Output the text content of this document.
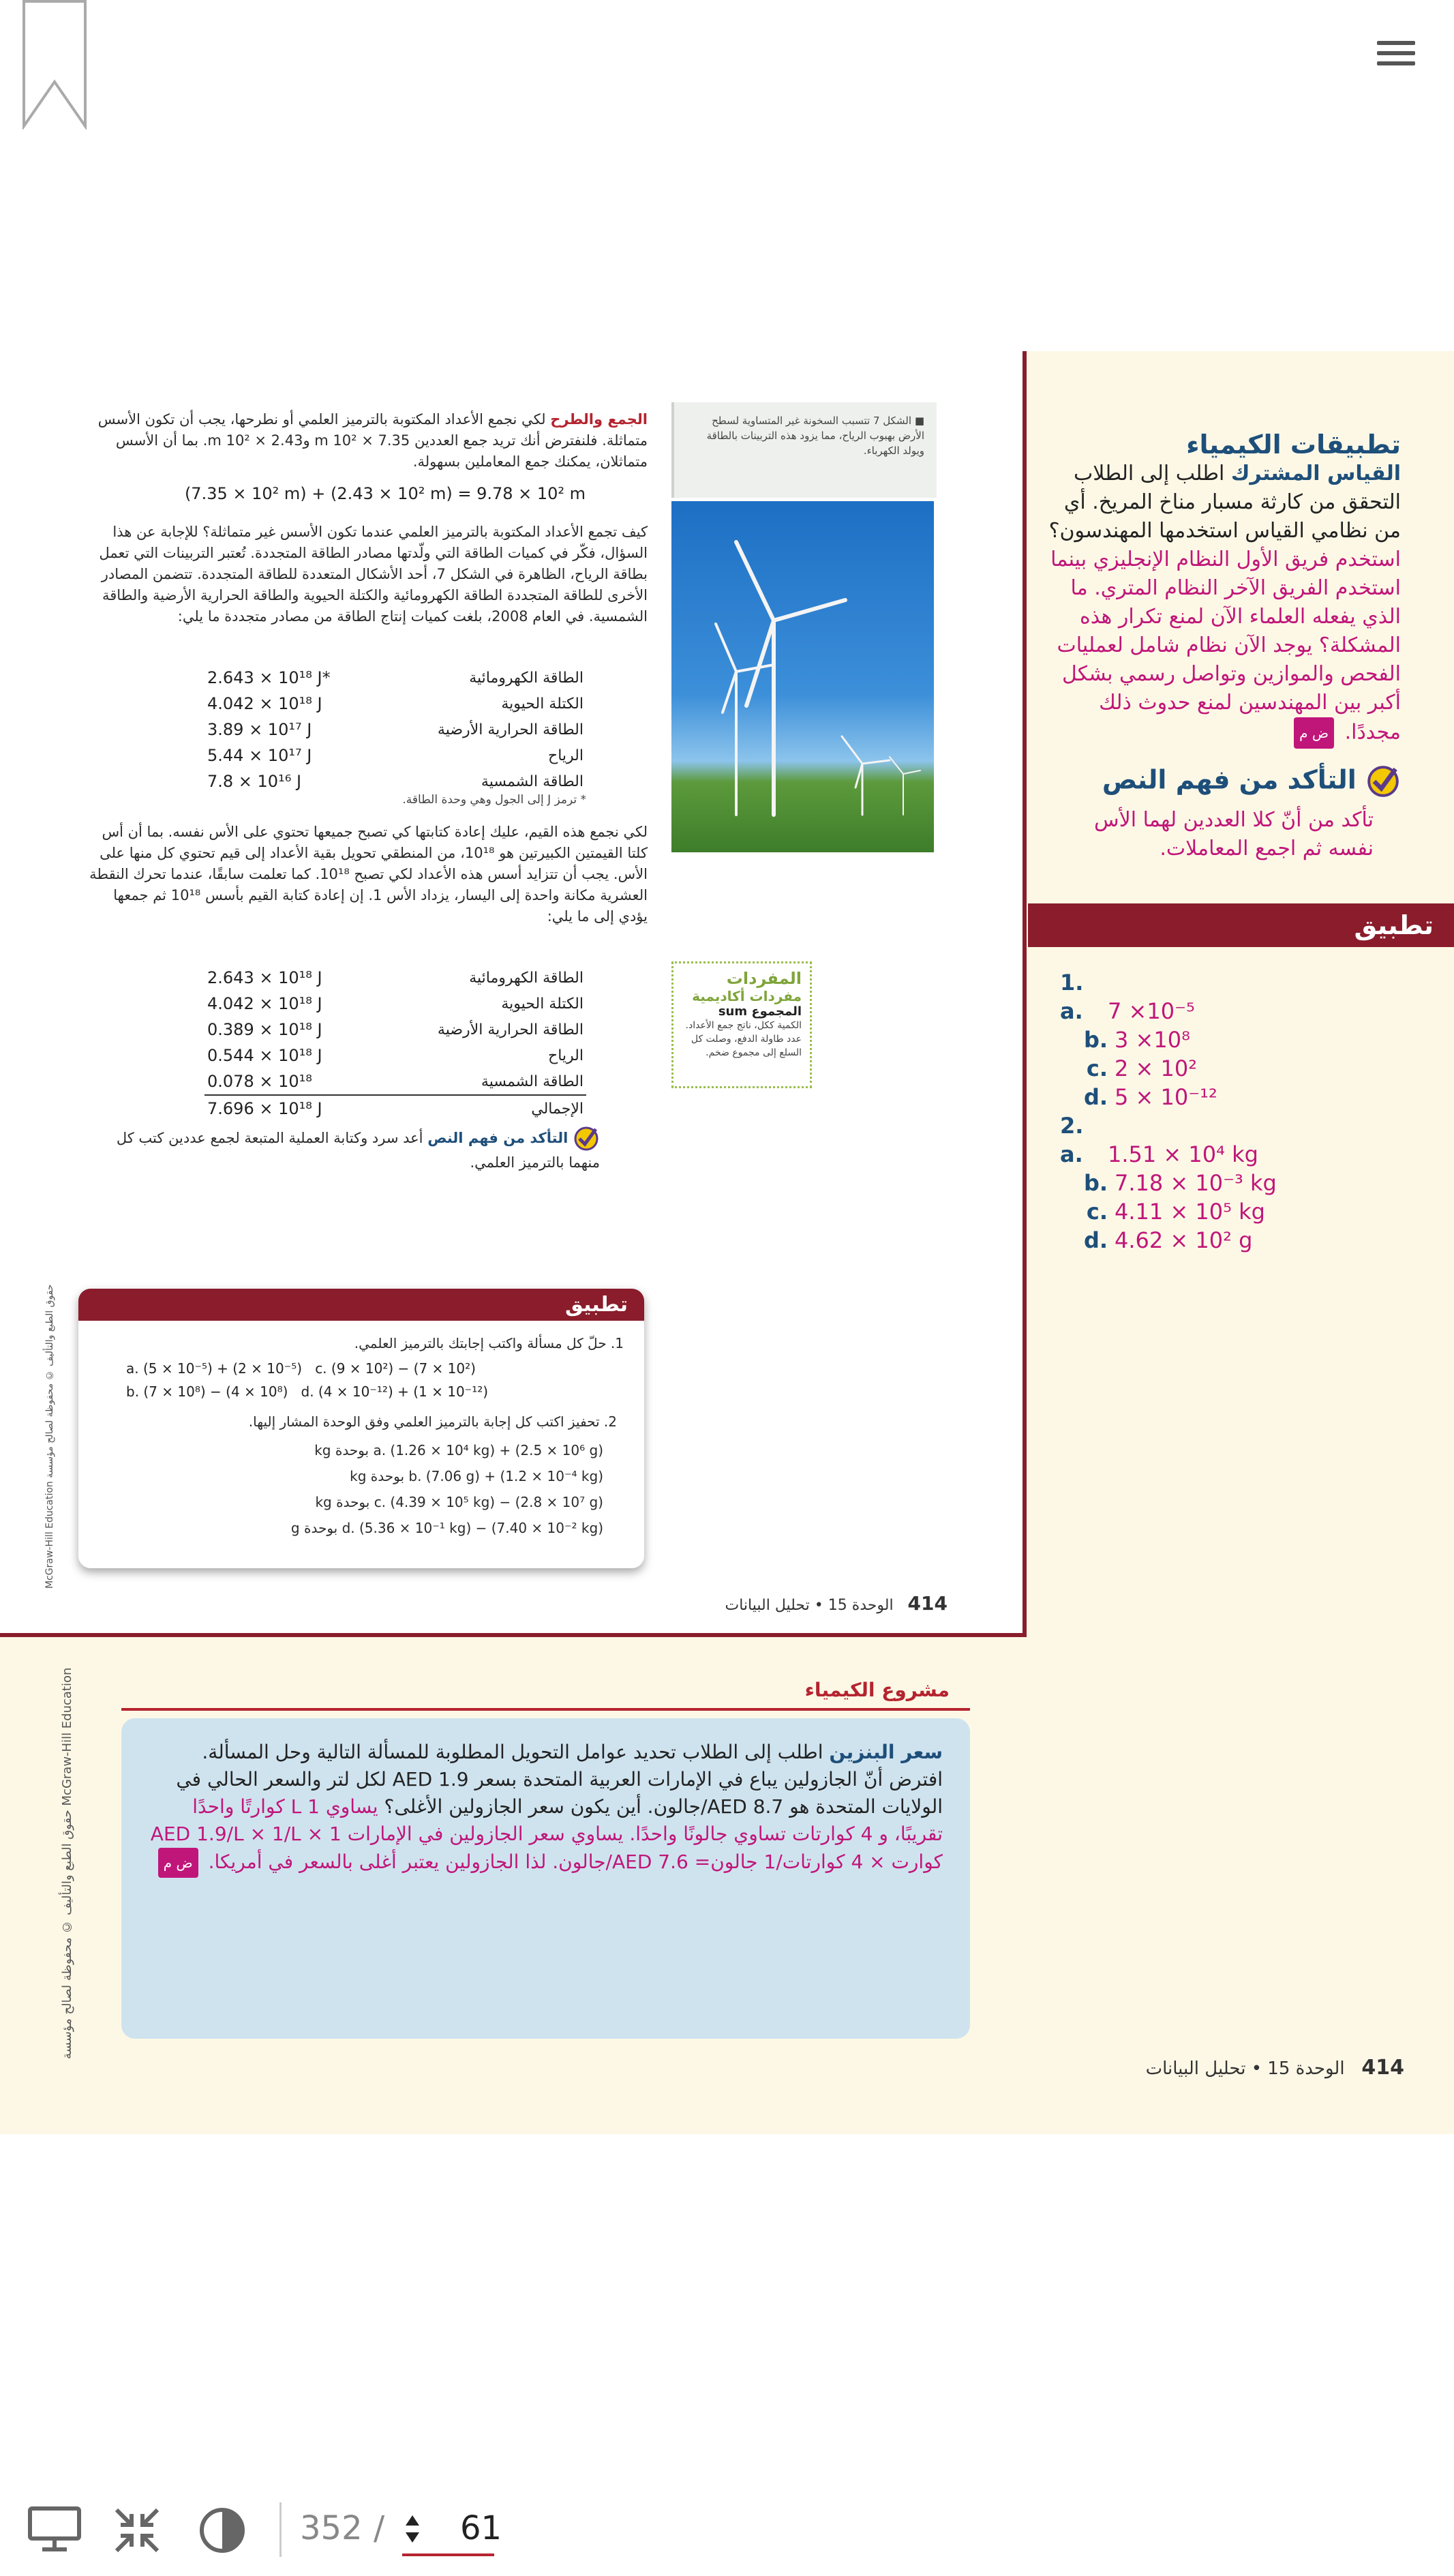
الجمع والطرح لكي نجمع الأعداد المكتوبة بالترميز العلمي أو نطرحها، يجب أن تكون الأسس متماثلة. فلنفترض أنك تريد جمع العددين 7.35 × 10² m و2.43 × 10² m. بما أن الأسس متماثلان، يمكنك جمع المعاملين بسهولة.
(7.35 × 10² m) + (2.43 × 10² m) = 9.78 × 10² m
كيف تجمع الأعداد المكتوبة بالترميز العلمي عندما تكون الأسس غير متماثلة؟ للإجابة عن هذا السؤال، فكّر في كميات الطاقة التي ولّدتها مصادر الطاقة المتجددة. تُعتبر التربينات التي تعمل بطاقة الرياح، الظاهرة في الشكل 7، أحد الأشكال المتعددة للطاقة المتجددة. تتضمن المصادر الأخرى للطاقة المتجددة الطاقة الكهرومائية والكتلة الحيوية والطاقة الحرارية الأرضية والطاقة الشمسية. في العام 2008، بلغت كميات إنتاج الطاقة من مصادر متجددة ما يلي:
2.643 × 10¹⁸ J*	الطاقة الكهرومائية
4.042 × 10¹⁸ J	الكتلة الحيوية
3.89 × 10¹⁷ J	الطاقة الحرارية الأرضية
5.44 × 10¹⁷ J	الرياح
7.8 × 10¹⁶ J	الطاقة الشمسية
* ترمز J إلى الجول وهي وحدة الطاقة.
لكي نجمع هذه القيم، عليك إعادة كتابتها كي تصبح جميعها تحتوي على الأس نفسه. بما أن أس كلتا القيمتين الكبيرتين هو 10¹⁸، من المنطقي تحويل بقية الأعداد إلى قيم تحتوي كل منها على الأس. يجب أن تتزايد أسس هذه الأعداد لكي تصبح 10¹⁸. كما تعلمت سابقًا، عندما تحرك النقطة العشرية مكانة واحدة إلى اليسار، يزداد الأس 1. إن إعادة كتابة القيم بأسس 10¹⁸ ثم جمعها يؤدي إلى ما يلي:
2.643 × 10¹⁸ J	الطاقة الكهرومائية
4.042 × 10¹⁸ J	الكتلة الحيوية
0.389 × 10¹⁸ J	الطاقة الحرارية الأرضية
0.544 × 10¹⁸ J	الرياح
0.078 × 10¹⁸	الطاقة الشمسية
7.696 × 10¹⁸ J	الإجمالي
التأكد من فهم النص أعد سرد وكتابة العملية المتبعة لجمع عددين كتب كل منهما بالترميز العلمي.
McGraw-Hill Education حقوق الطبع والتأليف © محفوظة لصالح مؤسسة
■ الشكل 7 تتسبب السخونة غير المتساوية لسطح الأرض بهبوب الرياح، مما يزود هذه التربينات بالطاقة ويولد الكهرباء.
المفردات
مفردات أكاديمية
المجموع sum
الكمية ككل، ناتج جمع الأعداد. عدد طاولة الدفع، وصلت كل السلع إلى مجموع ضخم.
تطبيق
1. حلّ كل مسألة واكتب إجابتك بالترميز العلمي.
a. (5 × 10⁻⁵) + (2 × 10⁻⁵) c. (9 × 10²) − (7 × 10²)
b. (7 × 10⁸) − (4 × 10⁸) d. (4 × 10⁻¹²) + (1 × 10⁻¹²)
2. تحفيز اكتب كل إجابة بالترميز العلمي وفق الوحدة المشار إليها.
a. (1.26 × 10⁴ kg) + (2.5 × 10⁶ g) بوحدة kg
b. (7.06 g) + (1.2 × 10⁻⁴ kg) بوحدة kg
c. (4.39 × 10⁵ kg) − (2.8 × 10⁷ g) بوحدة kg
d. (5.36 × 10⁻¹ kg) − (7.40 × 10⁻² kg) بوحدة g
414   الوحدة 15 • تحليل البيانات
تطبيقات الكيمياء
القياس المشترك اطلب إلى الطلاب التحقق من كارثة مسبار مناخ المريخ. أي من نظامي القياس استخدمها المهندسون؟ استخدم فريق الأول النظام الإنجليزي بينما استخدم الفريق الآخر النظام المتري. ما الذي يفعله العلماء الآن لمنع تكرار هذه المشكلة؟ يوجد الآن نظام شامل لعمليات الفحص والموازين وتواصل رسمي بشكل أكبر بين المهندسين لمنع حدوث ذلك مجددًا. ض م
التأكد من فهم النص
تأكد من أنّ كلا العددين لهما الأس نفسه ثم اجمع المعاملات.
تطبيق
1. a. 7 ×10⁻⁵
b. 3 ×10⁸
c. 2 × 10²
d. 5 × 10⁻¹²
2. a. 1.51 × 10⁴ kg
b. 7.18 × 10⁻³ kg
c. 4.11 × 10⁵ kg
d. 4.62 × 10² g
حقوق الطبع والتأليف © محفوظة لصالح مؤسسة McGraw-Hill Education	مشروع الكيمياء
سعر البنزين اطلب إلى الطلاب تحديد عوامل التحويل المطلوبة للمسألة التالية وحل المسألة. افترض أنّ الجازولين يباع في الإمارات العربية المتحدة بسعر AED 1.9 لكل لتر والسعر الحالي في الولايات المتحدة هو AED 8.7/جالون. أين يكون سعر الجازولين الأغلى؟ يساوي 1 L كوارتًا واحدًا تقريبًا، و 4 كوارتات تساوي جالونًا واحدًا. يساوي سعر الجازولين في الإمارات 1 × AED 1.9/L × 1/L كوارت × 4 كوارتات/1 جالون= AED 7.6/جالون. لذا الجازولين يعتبر أغلى بالسعر في أمريكا. ض م
414   الوحدة 15 • تحليل البيانات
352 / 61
